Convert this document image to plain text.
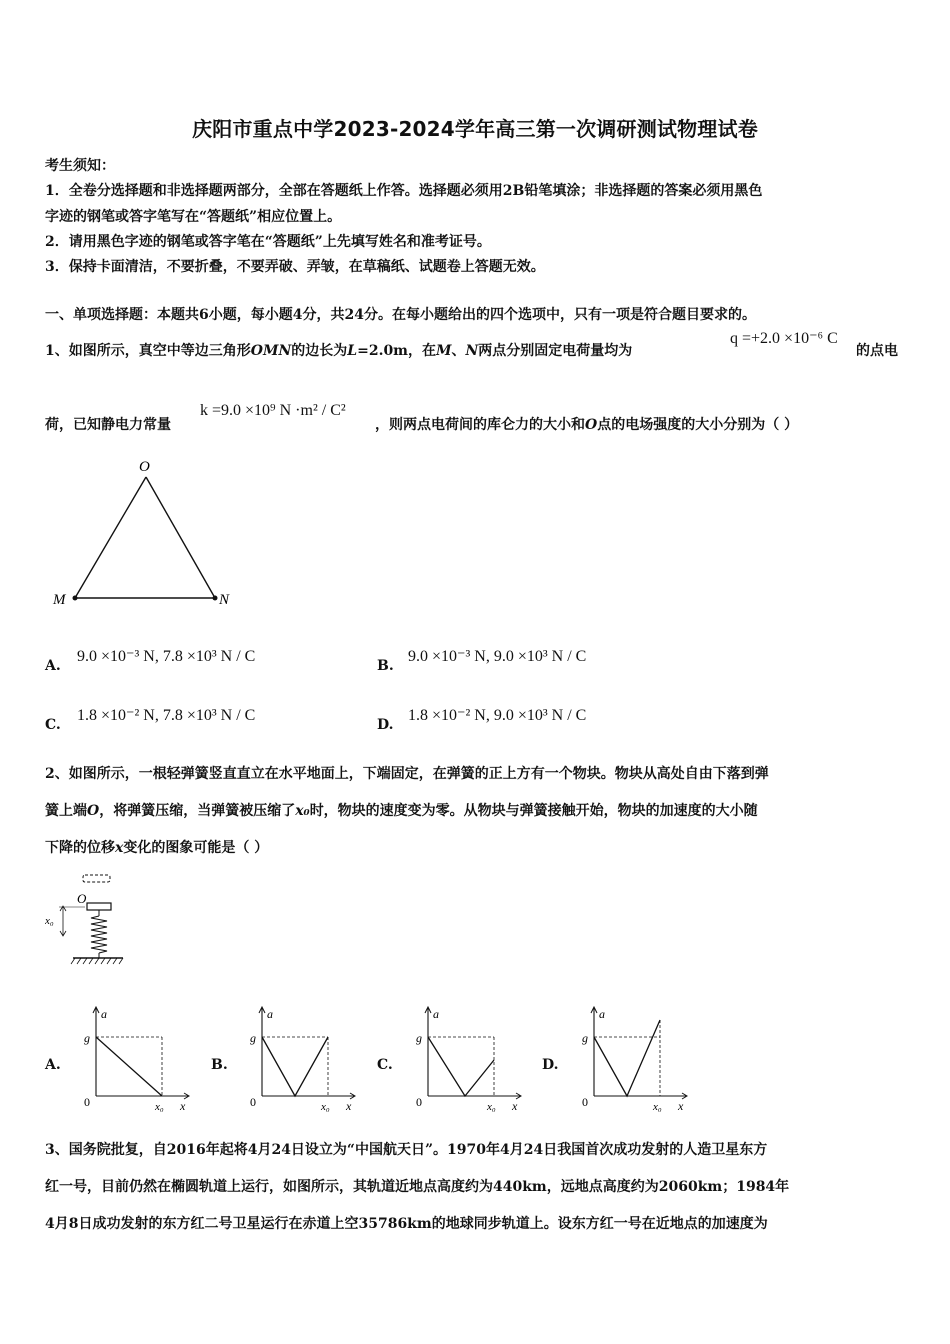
庆阳市重点中学2023-2024学年高三第一次调研测试物理试卷
考生须知：
1．全卷分选择题和非选择题两部分，全部在答题纸上作答。选择题必须用2B铅笔填涂；非选择题的答案必须用黑色
字迹的钢笔或答字笔写在“答题纸”相应位置上。
2．请用黑色字迹的钢笔或答字笔在“答题纸”上先填写姓名和准考证号。
3．保持卡面清洁，不要折叠，不要弄破、弄皱，在草稿纸、试题卷上答题无效。
一、单项选择题：本题共6小题，每小题4分，共24分。在每小题给出的四个选项中，只有一项是符合题目要求的。
1、如图所示，真空中等边三角形OMN的边长为L=2.0m，在M、N两点分别固定电荷量均为
q =+2.0 ×10⁻⁶ C
的点电
荷，已知静电力常量
k =9.0 ×10⁹ N ·m² / C²
，则两点电荷间的库仑力的大小和O点的电场强度的大小分别为（ ）
O
M	N
A.
9.0 ×10⁻³ N, 7.8 ×10³ N / C
B.
9.0 ×10⁻³ N, 9.0 ×10³ N / C
C.
1.8 ×10⁻² N, 7.8 ×10³ N / C
D.
1.8 ×10⁻² N, 9.0 ×10³ N / C
2、如图所示，一根轻弹簧竖直直立在水平地面上，下端固定，在弹簧的正上方有一个物块。物块从高处自由下落到弹
簧上端O，将弹簧压缩，当弹簧被压缩了x₀时，物块的速度变为零。从物块与弹簧接触开始，物块的加速度的大小随
下降的位移x变化的图象可能是（ ）
O
x₀
A.
a
g
0	x₀ x
B.
a
g
0	x₀ x
C.
a
g
0	x₀ x
D.
a
g
0	x₀ x
3、国务院批复，自2016年起将4月24日设立为“中国航天日”。1970年4月24日我国首次成功发射的人造卫星东方
红一号，目前仍然在椭圆轨道上运行，如图所示，其轨道近地点高度约为440km，远地点高度约为2060km；1984年
4月8日成功发射的东方红二号卫星运行在赤道上空35786km的地球同步轨道上。设东方红一号在近地点的加速度为
